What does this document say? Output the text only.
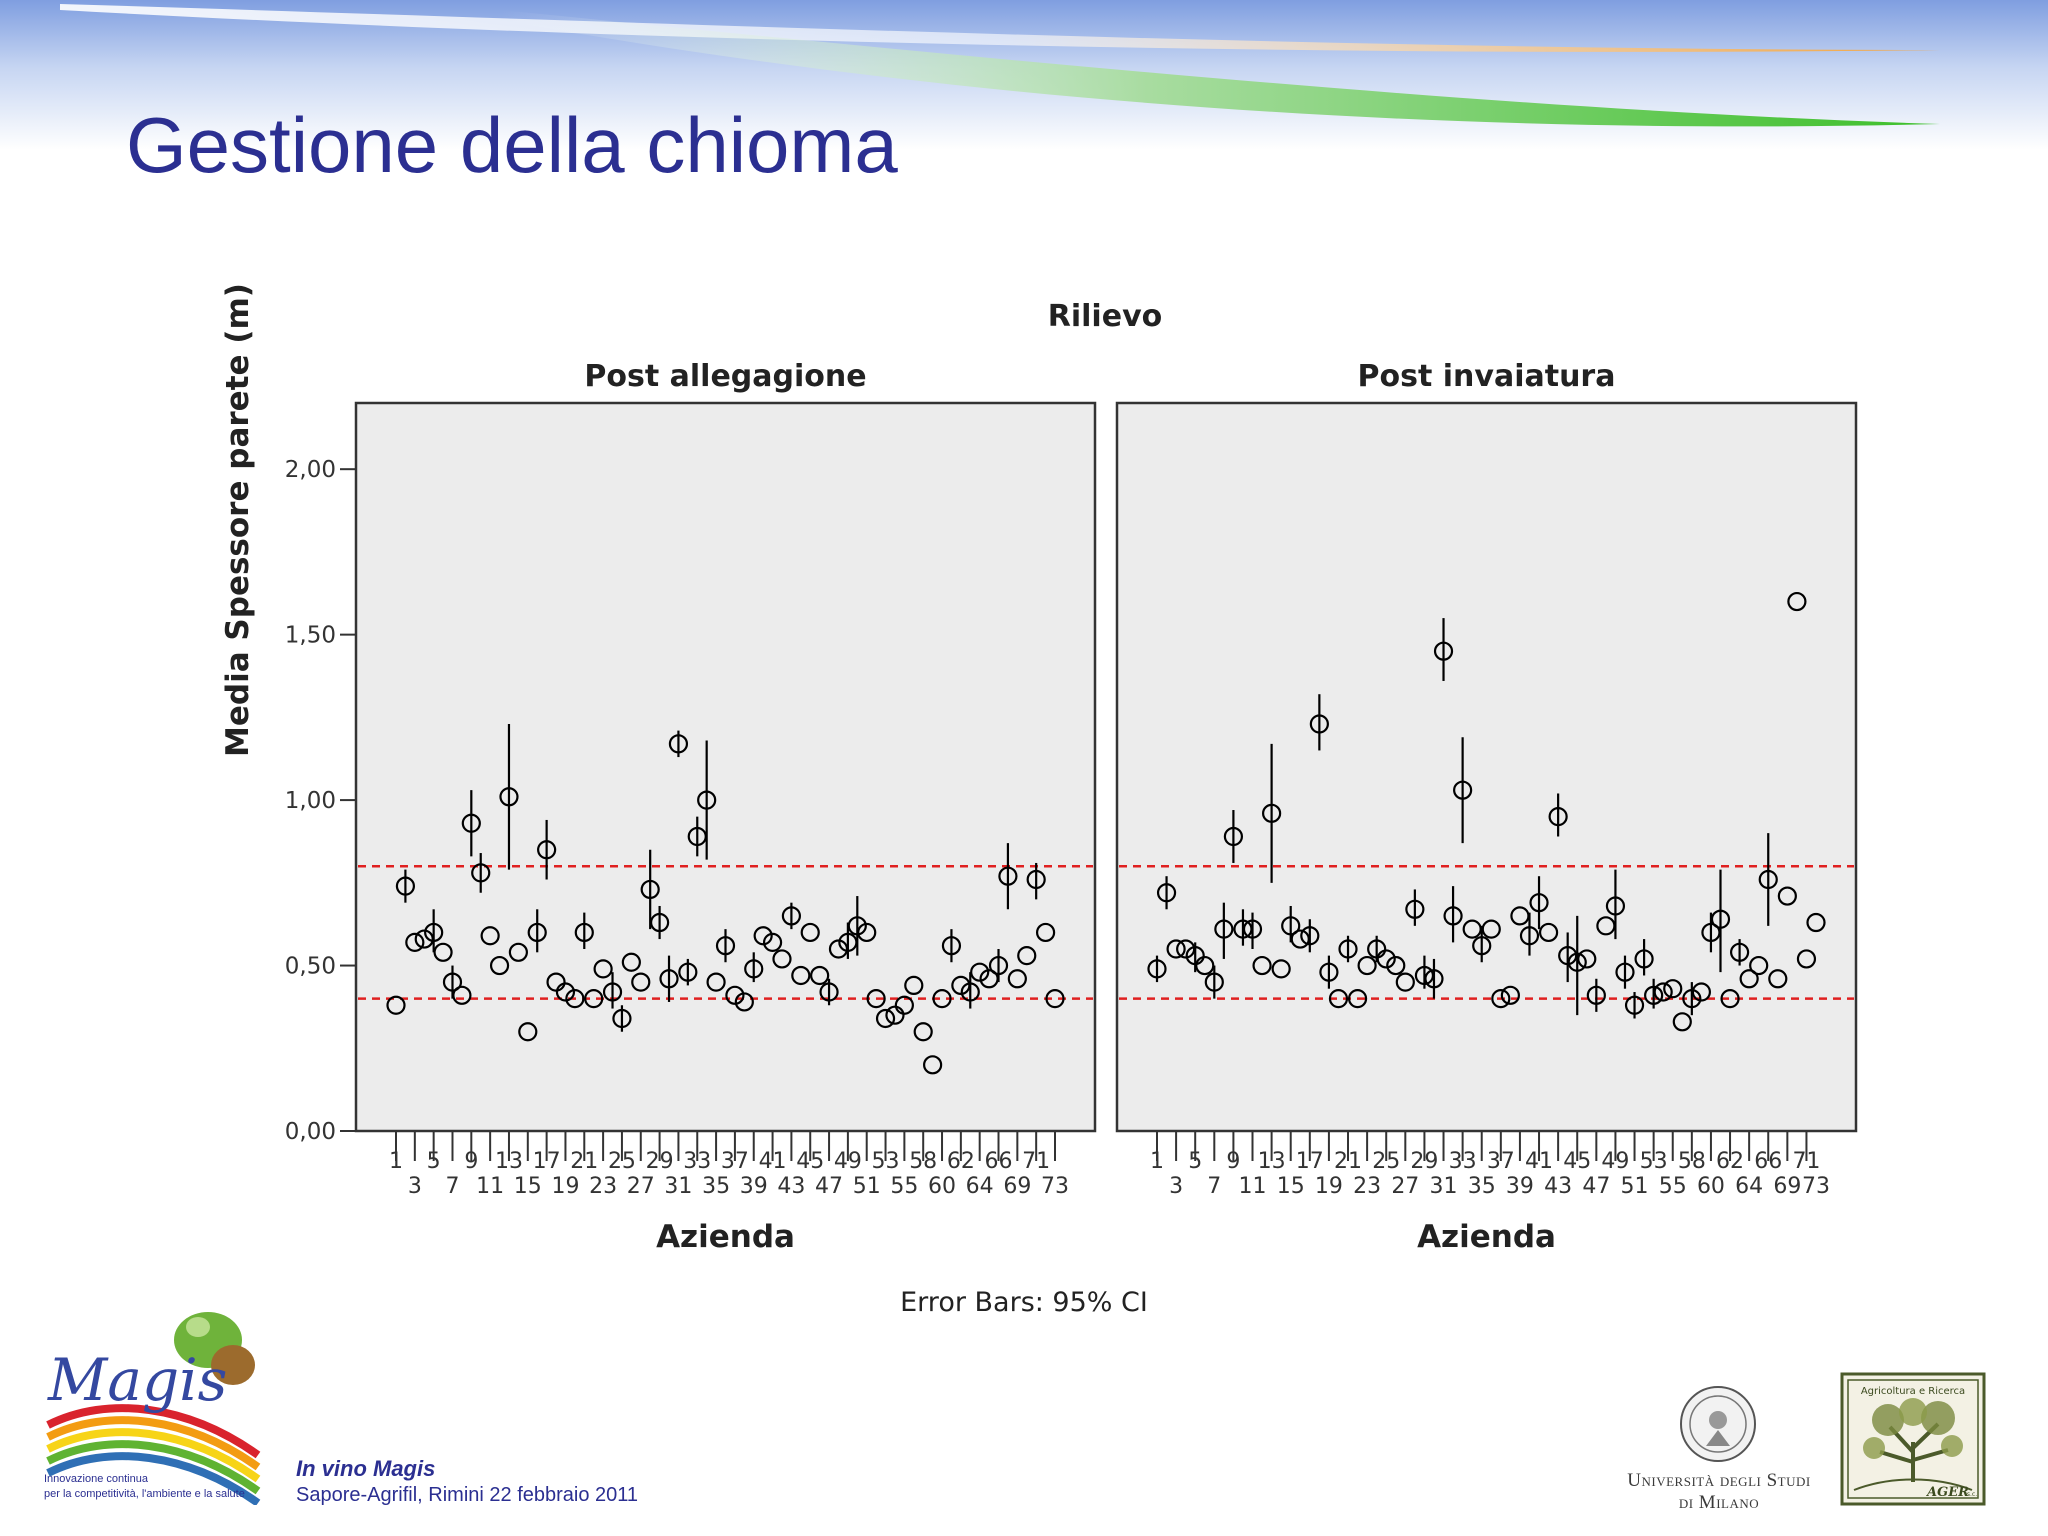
Gestione della chioma
Post allegagione
Azienda
1 5 9 13 17 21 25 29 33 37 41 45 49 53 58 62 66 71
3 7 11 15 19 23 27 31 35 39 43 47 51 55 60 64 69 73
Post invaiatura
Azienda
1 5 9 13 17 21 25 29 33 37 41 45 49 53 58 62 66 71
3 7 11 15 19 23 27 31 35 39 43 47 51 55 60 64 69 73
0,00
0,50
1,00
1,50
2,00
Rilievo
Media Spessore parete (m)
Error Bars: 95% CI
Magis
Innovazione continua
per la competitività, l'ambiente e la salute
In vino Magis
Sapore-Agrifil, Rimini 22 febbraio 2011
Università degli Studi
di Milano
Agricoltura e Ricerca
AGER
s.c.
